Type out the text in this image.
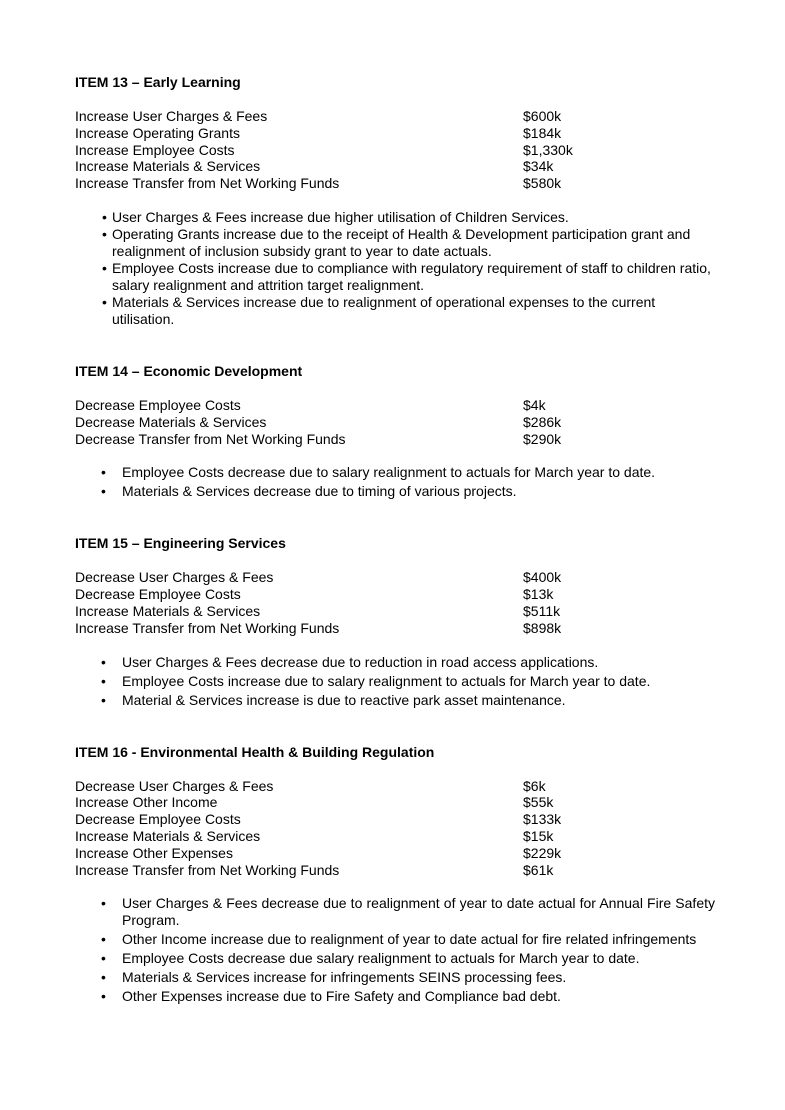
ITEM 13 – Early Learning
Increase User Charges & Fees	$600k
Increase Operating Grants	$184k
Increase Employee Costs	$1,330k
Increase Materials & Services	$34k
Increase Transfer from Net Working Funds	$580k
• User Charges & Fees increase due higher utilisation of Children Services.
• Operating Grants increase due to the receipt of Health & Development participation grant and realignment of inclusion subsidy grant to year to date actuals.
• Employee Costs increase due to compliance with regulatory requirement of staff to children ratio, salary realignment and attrition target realignment.
• Materials & Services increase due to realignment of operational expenses to the current utilisation.
ITEM 14 – Economic Development
Decrease Employee Costs	$4k
Decrease Materials & Services	$286k
Decrease Transfer from Net Working Funds	$290k
• Employee Costs decrease due to salary realignment to actuals for March year to date.
• Materials & Services decrease due to timing of various projects.
ITEM 15 – Engineering Services
Decrease User Charges & Fees	$400k
Decrease Employee Costs	$13k
Increase Materials & Services	$511k
Increase Transfer from Net Working Funds	$898k
• User Charges & Fees decrease due to reduction in road access applications.
• Employee Costs increase due to salary realignment to actuals for March year to date.
• Material & Services increase is due to reactive park asset maintenance.
ITEM 16 - Environmental Health & Building Regulation
Decrease User Charges & Fees	$6k
Increase Other Income	$55k
Decrease Employee Costs	$133k
Increase Materials & Services	$15k
Increase Other Expenses	$229k
Increase Transfer from Net Working Funds	$61k
• User Charges & Fees decrease due to realignment of year to date actual for Annual Fire Safety Program.
• Other Income increase due to realignment of year to date actual for fire related infringements
• Employee Costs decrease due salary realignment to actuals for March year to date.
• Materials & Services increase for infringements SEINS processing fees.
• Other Expenses increase due to Fire Safety and Compliance bad debt.
